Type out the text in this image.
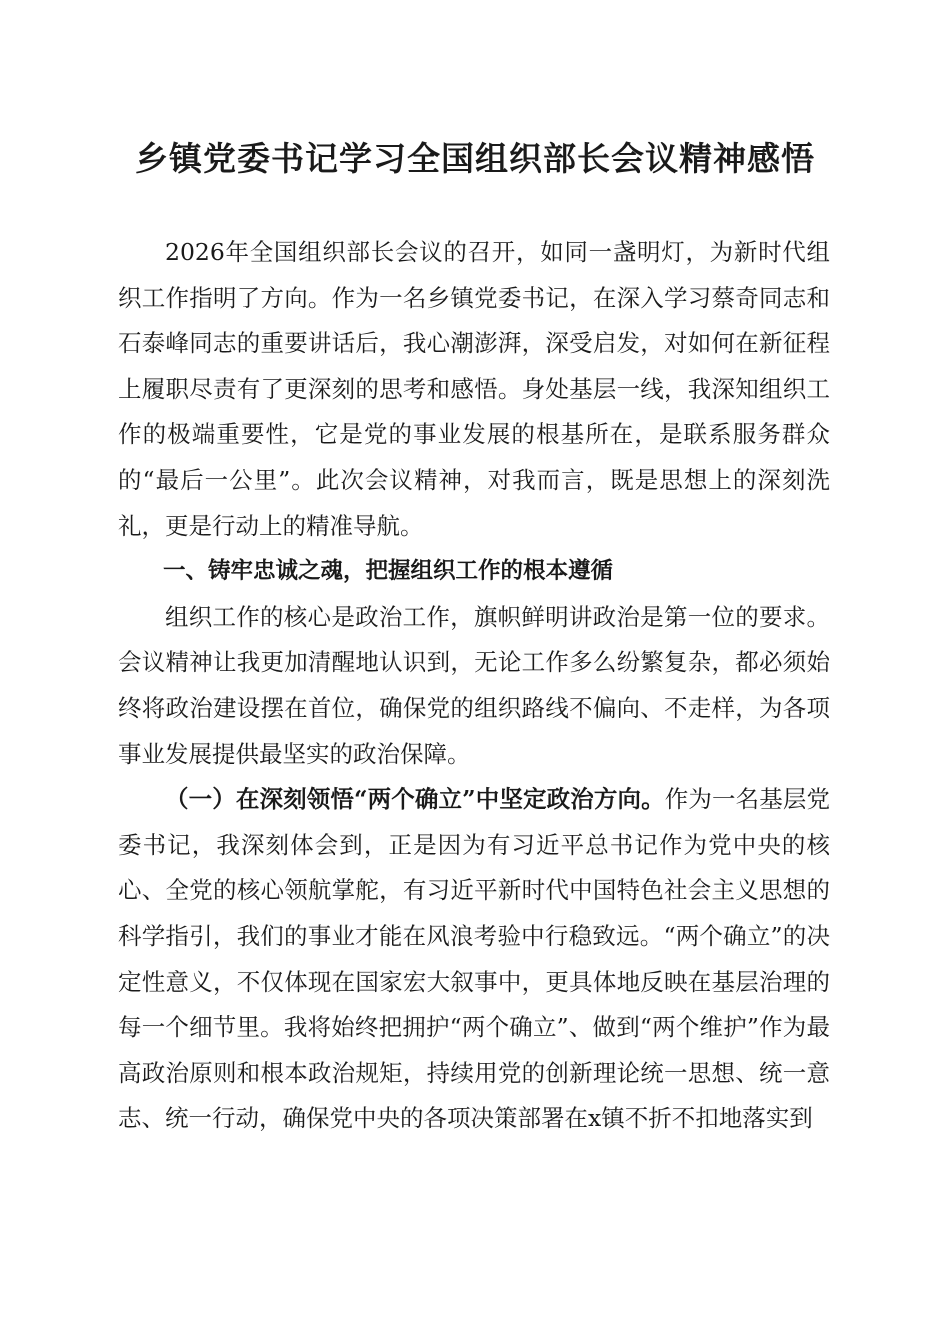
乡镇党委书记学习全国组织部长会议精神感悟

2026年全国组织部长会议的召开，如同一盏明灯，为新时代组织工作指明了方向。作为一名乡镇党委书记，在深入学习蔡奇同志和石泰峰同志的重要讲话后，我心潮澎湃，深受启发，对如何在新征程上履职尽责有了更深刻的思考和感悟。身处基层一线，我深知组织工作的极端重要性，它是党的事业发展的根基所在，是联系服务群众的“最后一公里”。此次会议精神，对我而言，既是思想上的深刻洗礼，更是行动上的精准导航。

一、铸牢忠诚之魂，把握组织工作的根本遵循

组织工作的核心是政治工作，旗帜鲜明讲政治是第一位的要求。会议精神让我更加清醒地认识到，无论工作多么纷繁复杂，都必须始终将政治建设摆在首位，确保党的组织路线不偏向、不走样，为各项事业发展提供最坚实的政治保障。

（一）在深刻领悟“两个确立”中坚定政治方向。作为一名基层党委书记，我深刻体会到，正是因为有习近平总书记作为党中央的核心、全党的核心领航掌舵，有习近平新时代中国特色社会主义思想的科学指引，我们的事业才能在风浪考验中行稳致远。“两个确立”的决定性意义，不仅体现在国家宏大叙事中，更具体地反映在基层治理的每一个细节里。我将始终把拥护“两个确立”、做到“两个维护”作为最高政治原则和根本政治规矩，持续用党的创新理论统一思想、统一意志、统一行动，确保党中央的各项决策部署在x镇不折不扣地落实到
